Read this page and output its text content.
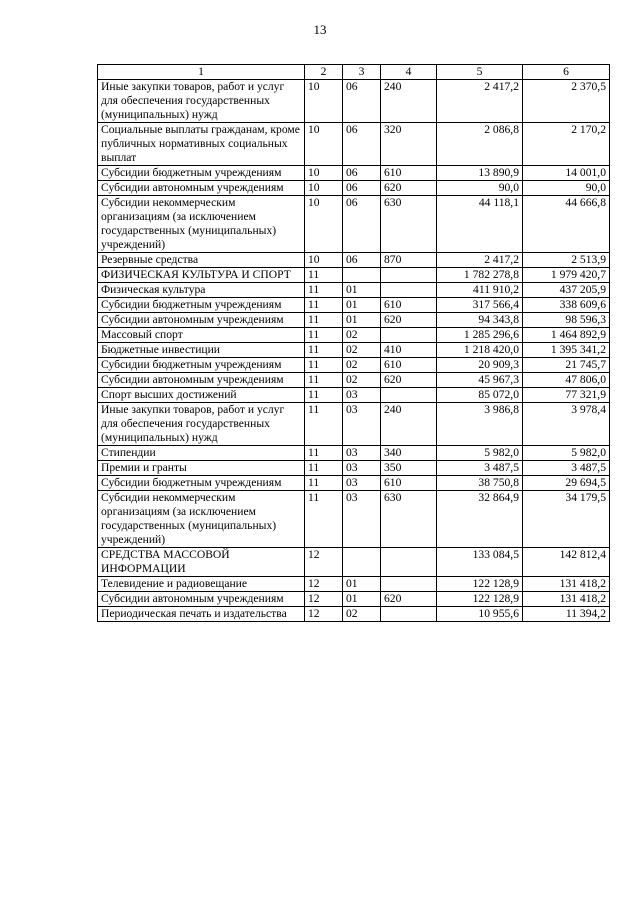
13
1	2	3	4	5	6
Иные закупки товаров, работ и услуг для обеспечения государственных (муниципальных) нужд	10	06	240	2 417,2	2 370,5
Социальные выплаты гражданам, кроме публичных нормативных социальных выплат	10	06	320	2 086,8	2 170,2
Субсидии бюджетным учреждениям	10	06	610	13 890,9	14 001,0
Субсидии автономным учреждениям	10	06	620	90,0	90,0
Субсидии некоммерческим организациям (за исключением государственных (муниципальных) учреждений)	10	06	630	44 118,1	44 666,8
Резервные средства	10	06	870	2 417,2	2 513,9
ФИЗИЧЕСКАЯ КУЛЬТУРА И СПОРТ	11			1 782 278,8	1 979 420,7
Физическая культура	11	01		411 910,2	437 205,9
Субсидии бюджетным учреждениям	11	01	610	317 566,4	338 609,6
Субсидии автономным учреждениям	11	01	620	94 343,8	98 596,3
Массовый спорт	11	02		1 285 296,6	1 464 892,9
Бюджетные инвестиции	11	02	410	1 218 420,0	1 395 341,2
Субсидии бюджетным учреждениям	11	02	610	20 909,3	21 745,7
Субсидии автономным учреждениям	11	02	620	45 967,3	47 806,0
Спорт высших достижений	11	03		85 072,0	77 321,9
Иные закупки товаров, работ и услуг для обеспечения государственных (муниципальных) нужд	11	03	240	3 986,8	3 978,4
Стипендии	11	03	340	5 982,0	5 982,0
Премии и гранты	11	03	350	3 487,5	3 487,5
Субсидии бюджетным учреждениям	11	03	610	38 750,8	29 694,5
Субсидии некоммерческим организациям (за исключением государственных (муниципальных) учреждений)	11	03	630	32 864,9	34 179,5
СРЕДСТВА МАССОВОЙ ИНФОРМАЦИИ	12			133 084,5	142 812,4
Телевидение и радиовещание	12	01		122 128,9	131 418,2
Субсидии автономным учреждениям	12	01	620	122 128,9	131 418,2
Периодическая печать и издательства	12	02		10 955,6	11 394,2
